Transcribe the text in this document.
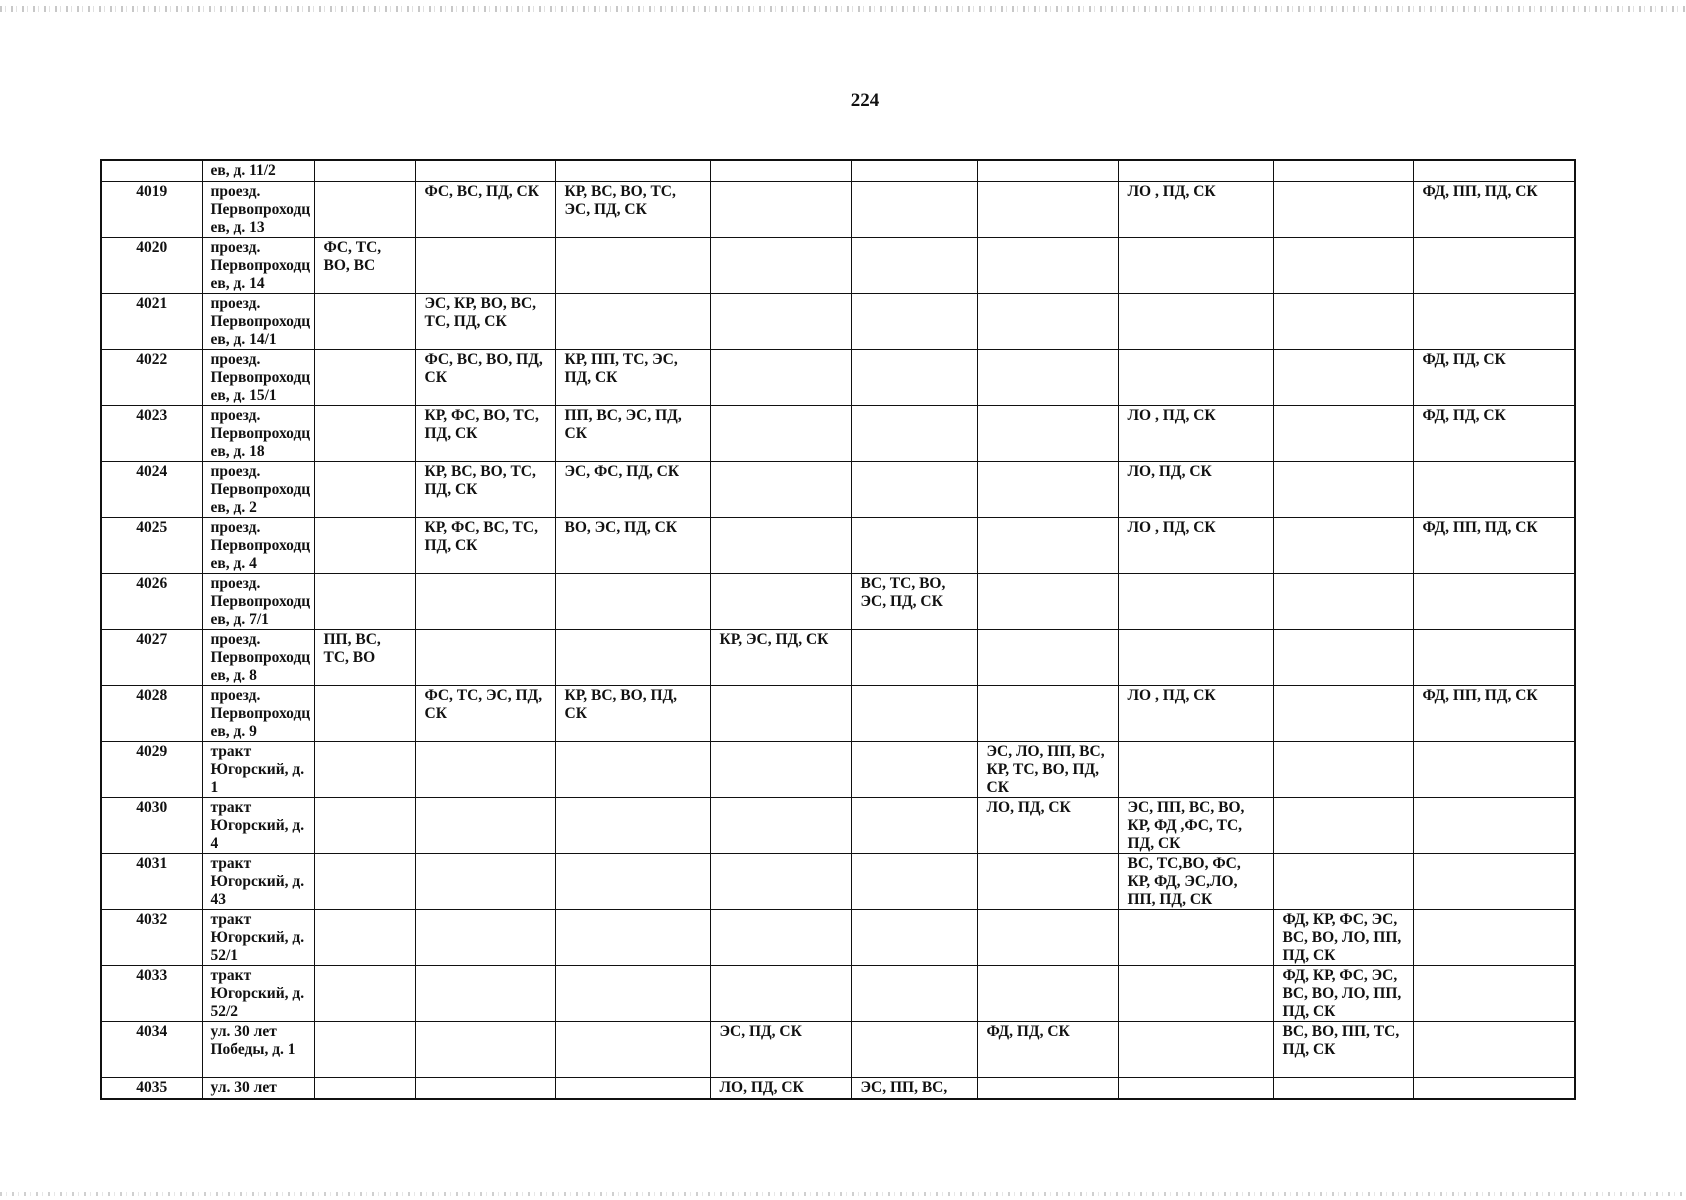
224
	ев, д. 11/2									
4019	проезд. Первопроходц ев, д. 13		ФС, ВС, ПД, СК	КР, ВС, ВО, ТС, ЭС, ПД, СК				ЛО , ПД, СК		ФД, ПП, ПД, СК
4020	проезд. Первопроходц ев, д. 14	ФС, ТС, ВО, ВС								
4021	проезд. Первопроходц ев, д. 14/1		ЭС, КР, ВО, ВС, ТС, ПД, СК							
4022	проезд. Первопроходц ев, д. 15/1		ФС, ВС, ВО, ПД, СК	КР, ПП, ТС, ЭС, ПД, СК						ФД, ПД, СК
4023	проезд. Первопроходц ев, д. 18		КР, ФС, ВО, ТС, ПД, СК	ПП, ВС, ЭС, ПД, СК				ЛО , ПД, СК		ФД, ПД, СК
4024	проезд. Первопроходц ев, д. 2		КР, ВС, ВО, ТС, ПД, СК	ЭС, ФС, ПД, СК				ЛО, ПД, СК		
4025	проезд. Первопроходц ев, д. 4		КР, ФС, ВС, ТС, ПД, СК	ВО, ЭС, ПД, СК				ЛО , ПД, СК		ФД, ПП, ПД, СК
4026	проезд. Первопроходц ев, д. 7/1					ВС, ТС, ВО, ЭС, ПД, СК				
4027	проезд. Первопроходц ев, д. 8	ПП, ВС, ТС, ВО			КР, ЭС, ПД, СК					
4028	проезд. Первопроходц ев, д. 9		ФС, ТС, ЭС, ПД, СК	КР, ВС, ВО, ПД, СК				ЛО , ПД, СК		ФД, ПП, ПД, СК
4029	тракт Югорский, д. 1						ЭС, ЛО, ПП, ВС, КР, ТС, ВО, ПД, СК			
4030	тракт Югорский, д. 4						ЛО, ПД, СК	ЭС, ПП, ВС, ВО, КР, ФД ,ФС, ТС, ПД, СК		
4031	тракт Югорский, д. 43							ВС, ТС,ВО, ФС, КР, ФД, ЭС,ЛО, ПП, ПД, СК		
4032	тракт Югорский, д. 52/1								ФД, КР, ФС, ЭС, ВС, ВО, ЛО, ПП, ПД, СК	
4033	тракт Югорский, д. 52/2								ФД, КР, ФС, ЭС, ВС, ВО, ЛО, ПП, ПД, СК	
4034	ул. 30 лет Победы, д. 1				ЭС, ПД, СК		ФД, ПД, СК		ВС, ВО, ПП, ТС, ПД, СК	
4035	ул. 30 лет				ЛО, ПД, СК	ЭС, ПП, ВС,				
